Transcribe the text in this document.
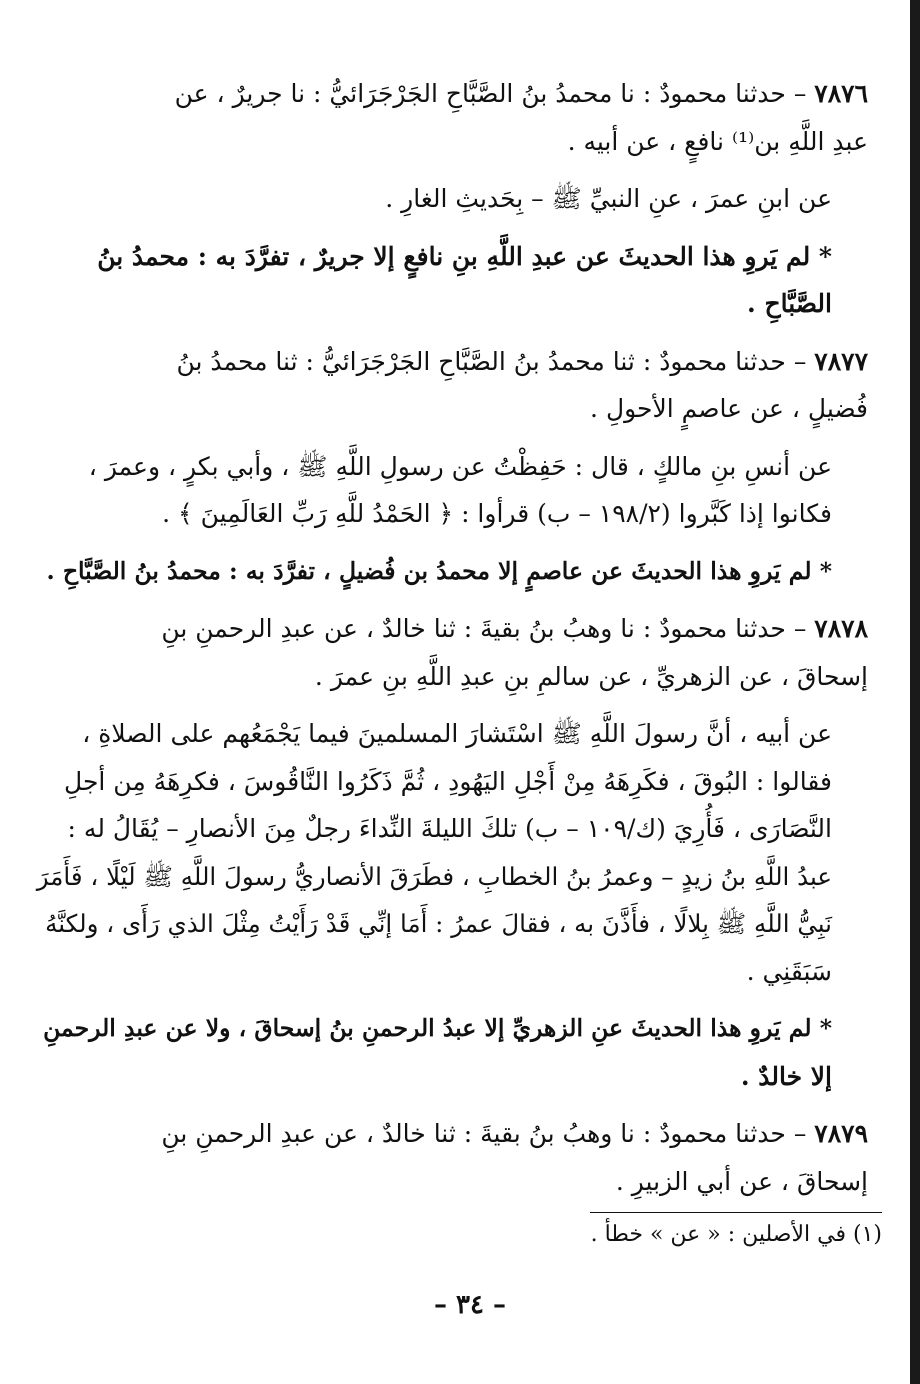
٧٨٧٦ – حدثنا محمودٌ : نا محمدُ بنُ الصَّبَّاحِ الجَرْجَرَائيُّ : نا جريرٌ ، عن
عبدِ اللَّهِ بن⁽¹⁾ نافعٍ ، عن أبيه .
عن ابنِ عمرَ ، عنِ النبيِّ ﷺ – بِحَديثِ الغارِ .
* لم يَروِ هذا الحديثَ عن عبدِ اللَّهِ بنِ نافعٍ إلا جريرٌ ، تفرَّدَ به : محمدُ بنُ
الصَّبَّاحِ .
٧٨٧٧ – حدثنا محمودٌ : ثنا محمدُ بنُ الصَّبَّاحِ الجَرْجَرَائيُّ : ثنا محمدُ بنُ
فُضيلٍ ، عن عاصمٍ الأحولِ .
عن أنسِ بنِ مالكٍ ، قال : حَفِظْتُ عن رسولِ اللَّهِ ﷺ ، وأبي بكرٍ ، وعمرَ ،
فكانوا إذا كَبَّروا (١٩٨/٢ – ب) قرأوا : ﴿ الحَمْدُ للَّهِ رَبِّ العَالَمِينَ ﴾ .
* لم يَروِ هذا الحديثَ عن عاصمٍ إلا محمدُ بن فُضيلٍ ، تفرَّدَ به : محمدُ بنُ الصَّبَّاحِ .
٧٨٧٨ – حدثنا محمودٌ : نا وهبُ بنُ بقيةَ : ثنا خالدٌ ، عن عبدِ الرحمنِ بنِ
إسحاقَ ، عن الزهريِّ ، عن سالمِ بنِ عبدِ اللَّهِ بنِ عمرَ .
عن أبيه ، أنَّ رسولَ اللَّهِ ﷺ اسْتَشارَ المسلمينَ فيما يَجْمَعُهم على الصلاةِ ،
فقالوا : البُوقَ ، فكَرِهَهُ مِنْ أَجْلِ اليَهُودِ ، ثُمَّ ذَكَرُوا النَّاقُوسَ ، فكرِهَهُ مِن أجلِ
النَّصَارَى ، فَأُرِيَ (ك/١٠٩ – ب) تلكَ الليلةَ النِّداءَ رجلٌ مِنَ الأنصارِ – يُقَالُ له :
عبدُ اللَّهِ بنُ زيدٍ – وعمرُ بنُ الخطابِ ، فطَرَقَ الأنصاريُّ رسولَ اللَّهِ ﷺ لَيْلًا ، فَأَمَرَ
نَبِيُّ اللَّهِ ﷺ بِلالًا ، فأَذَّنَ به ، فقالَ عمرُ : أَمَا إنِّي قَدْ رَأَيْتُ مِثْلَ الذي رَأَى ، ولكنَّهُ
سَبَقَنِي .
* لم يَروِ هذا الحديثَ عنِ الزهريِّ إلا عبدُ الرحمنِ بنُ إسحاقَ ، ولا عن عبدِ الرحمنِ
إلا خالدٌ .
٧٨٧٩ – حدثنا محمودٌ : نا وهبُ بنُ بقيةَ : ثنا خالدٌ ، عن عبدِ الرحمنِ بنِ
إسحاقَ ، عن أبي الزبيرِ .
(١) في الأصلين : « عن » خطأ .
– ٣٤ –
